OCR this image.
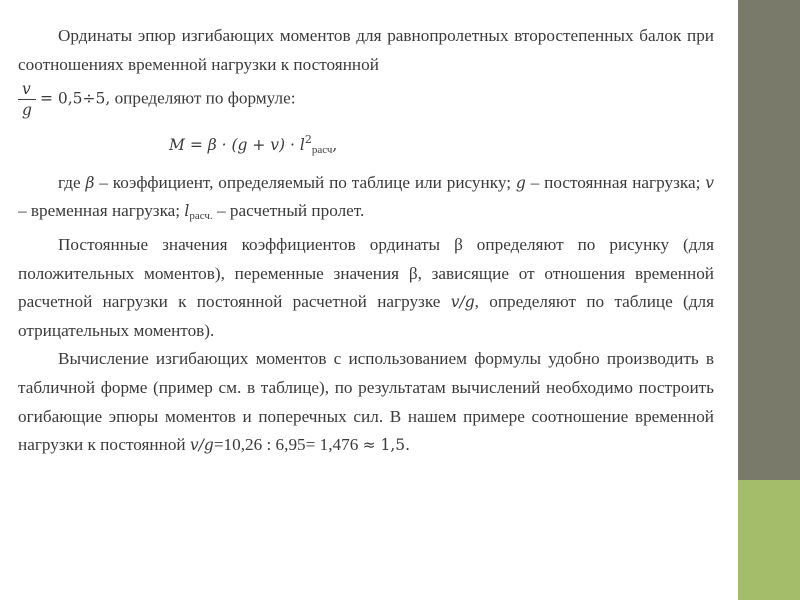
Ординаты эпюр изгибающих моментов для равнопролетных второстепенных балок при соотношениях временной нагрузки к постоянной

$\frac{v}{g} = 0,5\div 5$, определяют по формуле:

$M = \beta \cdot (g + v) \cdot l^2_{расч}$,

где β – коэффициент, определяемый по таблице или рисунку; g – постоянная нагрузка; v – временная нагрузка; $l_{расч.}$ – расчетный пролет.

Постоянные значения коэффициентов ординаты β определяют по рисунку (для положительных моментов), переменные значения β, зависящие от отношения временной расчетной нагрузки к постоянной расчетной нагрузке v/g, определяют по таблице (для отрицательных моментов).

Вычисление изгибающих моментов с использованием формулы удобно производить в табличной форме (пример см. в таблице), по результатам вычислений необходимо построить огибающие эпюры моментов и поперечных сил. В нашем примере соотношение временной нагрузки к постоянной v/g=10,26 : 6,95= 1,476 ≈ 1,5.
